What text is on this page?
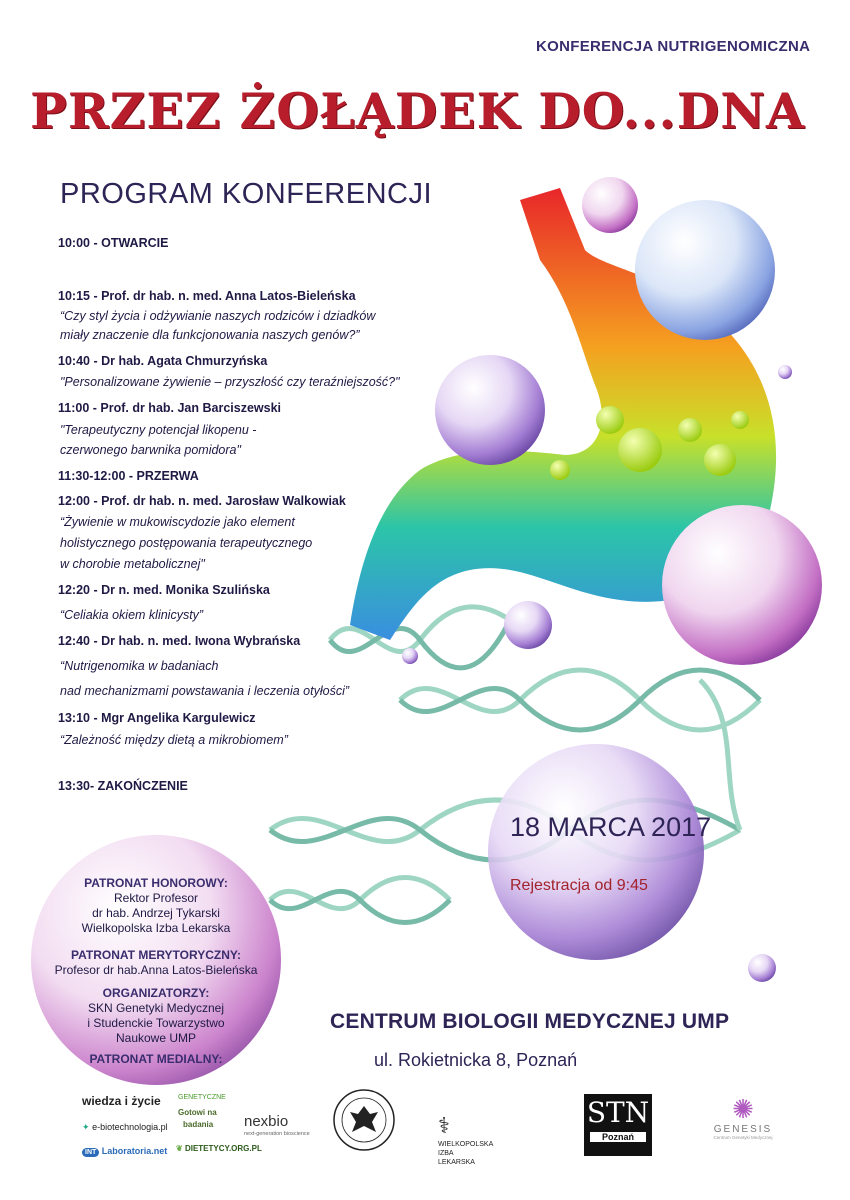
KONFERENCJA NUTRIGENOMICZNA
PRZEZ ŻOŁĄDEK DO...DNA
PROGRAM KONFERENCJI
10:00 - OTWARCIE
10:15 - Prof. dr hab. n. med. Anna Latos-Bieleńska
“Czy styl życia i odżywianie naszych rodziców i dziadków
miały znaczenie dla funkcjonowania naszych genów?”
10:40 - Dr hab. Agata Chmurzyńska
"Personalizowane żywienie – przyszłość czy teraźniejszość?"
11:00 - Prof. dr hab. Jan Barciszewski
"Terapeutyczny potencjał likopenu -
czerwonego barwnika pomidora"
11:30-12:00 - PRZERWA
12:00 - Prof. dr hab. n. med. Jarosław Walkowiak
“Żywienie w mukowiscydozie jako element
holistycznego postępowania terapeutycznego
w chorobie metabolicznej"
12:20 - Dr n. med. Monika Szulińska
“Celiakia okiem klinicysty”
12:40 - Dr hab. n. med. Iwona Wybrańska
“Nutrigenomika w badaniach
nad mechanizmami powstawania i leczenia otyłości”
13:10 - Mgr Angelika Kargulewicz
“Zależność między dietą a mikrobiomem”
13:30- ZAKOŃCZENIE
18 MARCA 2017
Rejestracja od 9:45
PATRONAT HONOROWY:
Rektor Profesor
dr hab. Andrzej Tykarski
Wielkopolska Izba Lekarska
PATRONAT MERYTORYCZNY:
Profesor dr hab.Anna Latos-Bieleńska
ORGANIZATORZY:
SKN Genetyki Medycznej
i Studenckie Towarzystwo
Naukowe UMP
PATRONAT MEDIALNY:
CENTRUM BIOLOGII MEDYCZNEJ UMP
ul. Rokietnicka 8, Poznań
wiedza i życie
✦ e-biotechnologia.pl
INT Laboratoria.net
GENETYCZNE
Gotowi na
badania
❦ DIETETYCY.ORG.PL
nexbio
next-generation bioscience	⚕
WIELKOPOLSKA
IZBA
LEKARSKA
STN
Poznań
✺
GENESIS
Centrum Genetyki Medycznej
